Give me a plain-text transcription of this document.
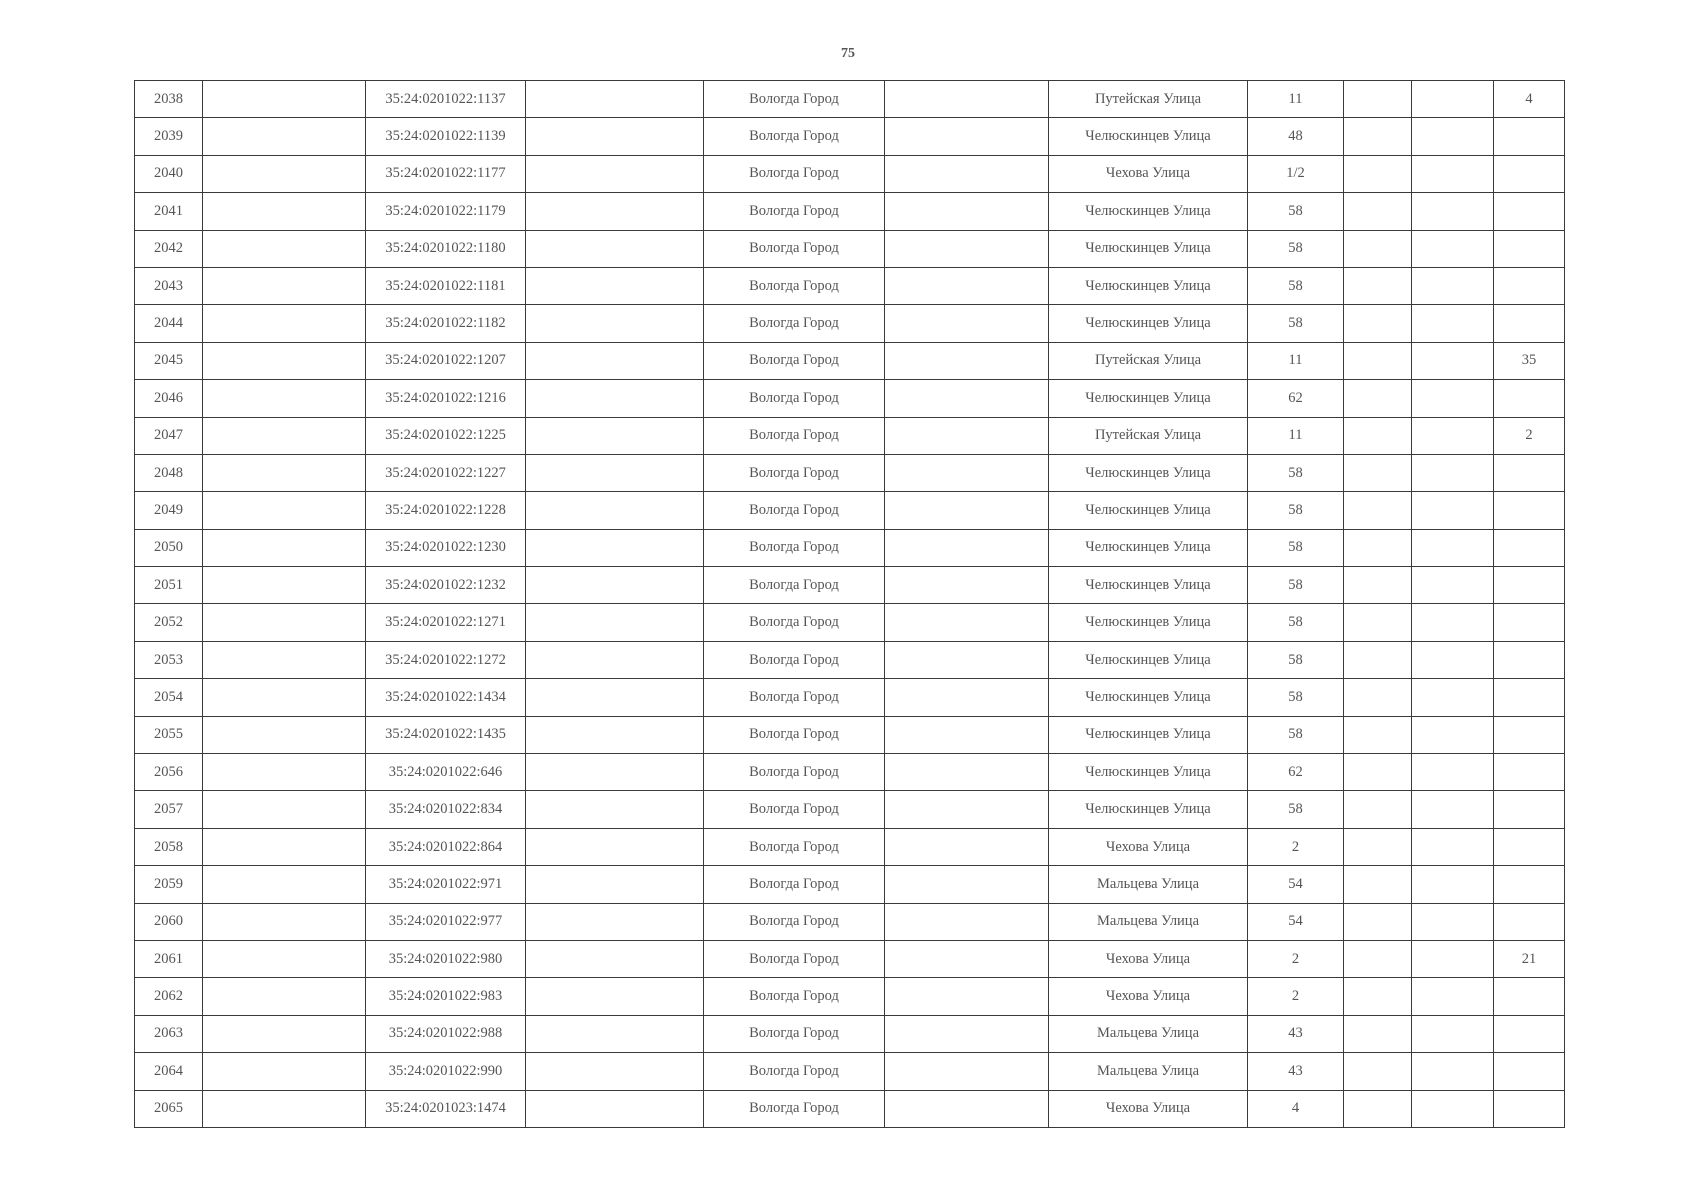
75
2038		35:24:0201022:1137		Вологда Город		Путейская Улица	11			4
2039		35:24:0201022:1139		Вологда Город		Челюскинцев Улица	48			
2040		35:24:0201022:1177		Вологда Город		Чехова Улица	1/2			
2041		35:24:0201022:1179		Вологда Город		Челюскинцев Улица	58			
2042		35:24:0201022:1180		Вологда Город		Челюскинцев Улица	58			
2043		35:24:0201022:1181		Вологда Город		Челюскинцев Улица	58			
2044		35:24:0201022:1182		Вологда Город		Челюскинцев Улица	58			
2045		35:24:0201022:1207		Вологда Город		Путейская Улица	11			35
2046		35:24:0201022:1216		Вологда Город		Челюскинцев Улица	62			
2047		35:24:0201022:1225		Вологда Город		Путейская Улица	11			2
2048		35:24:0201022:1227		Вологда Город		Челюскинцев Улица	58			
2049		35:24:0201022:1228		Вологда Город		Челюскинцев Улица	58			
2050		35:24:0201022:1230		Вологда Город		Челюскинцев Улица	58			
2051		35:24:0201022:1232		Вологда Город		Челюскинцев Улица	58			
2052		35:24:0201022:1271		Вологда Город		Челюскинцев Улица	58			
2053		35:24:0201022:1272		Вологда Город		Челюскинцев Улица	58			
2054		35:24:0201022:1434		Вологда Город		Челюскинцев Улица	58			
2055		35:24:0201022:1435		Вологда Город		Челюскинцев Улица	58			
2056		35:24:0201022:646		Вологда Город		Челюскинцев Улица	62			
2057		35:24:0201022:834		Вологда Город		Челюскинцев Улица	58			
2058		35:24:0201022:864		Вологда Город		Чехова Улица	2			
2059		35:24:0201022:971		Вологда Город		Мальцева Улица	54			
2060		35:24:0201022:977		Вологда Город		Мальцева Улица	54			
2061		35:24:0201022:980		Вологда Город		Чехова Улица	2			21
2062		35:24:0201022:983		Вологда Город		Чехова Улица	2			
2063		35:24:0201022:988		Вологда Город		Мальцева Улица	43			
2064		35:24:0201022:990		Вологда Город		Мальцева Улица	43			
2065		35:24:0201023:1474		Вологда Город		Чехова Улица	4			
